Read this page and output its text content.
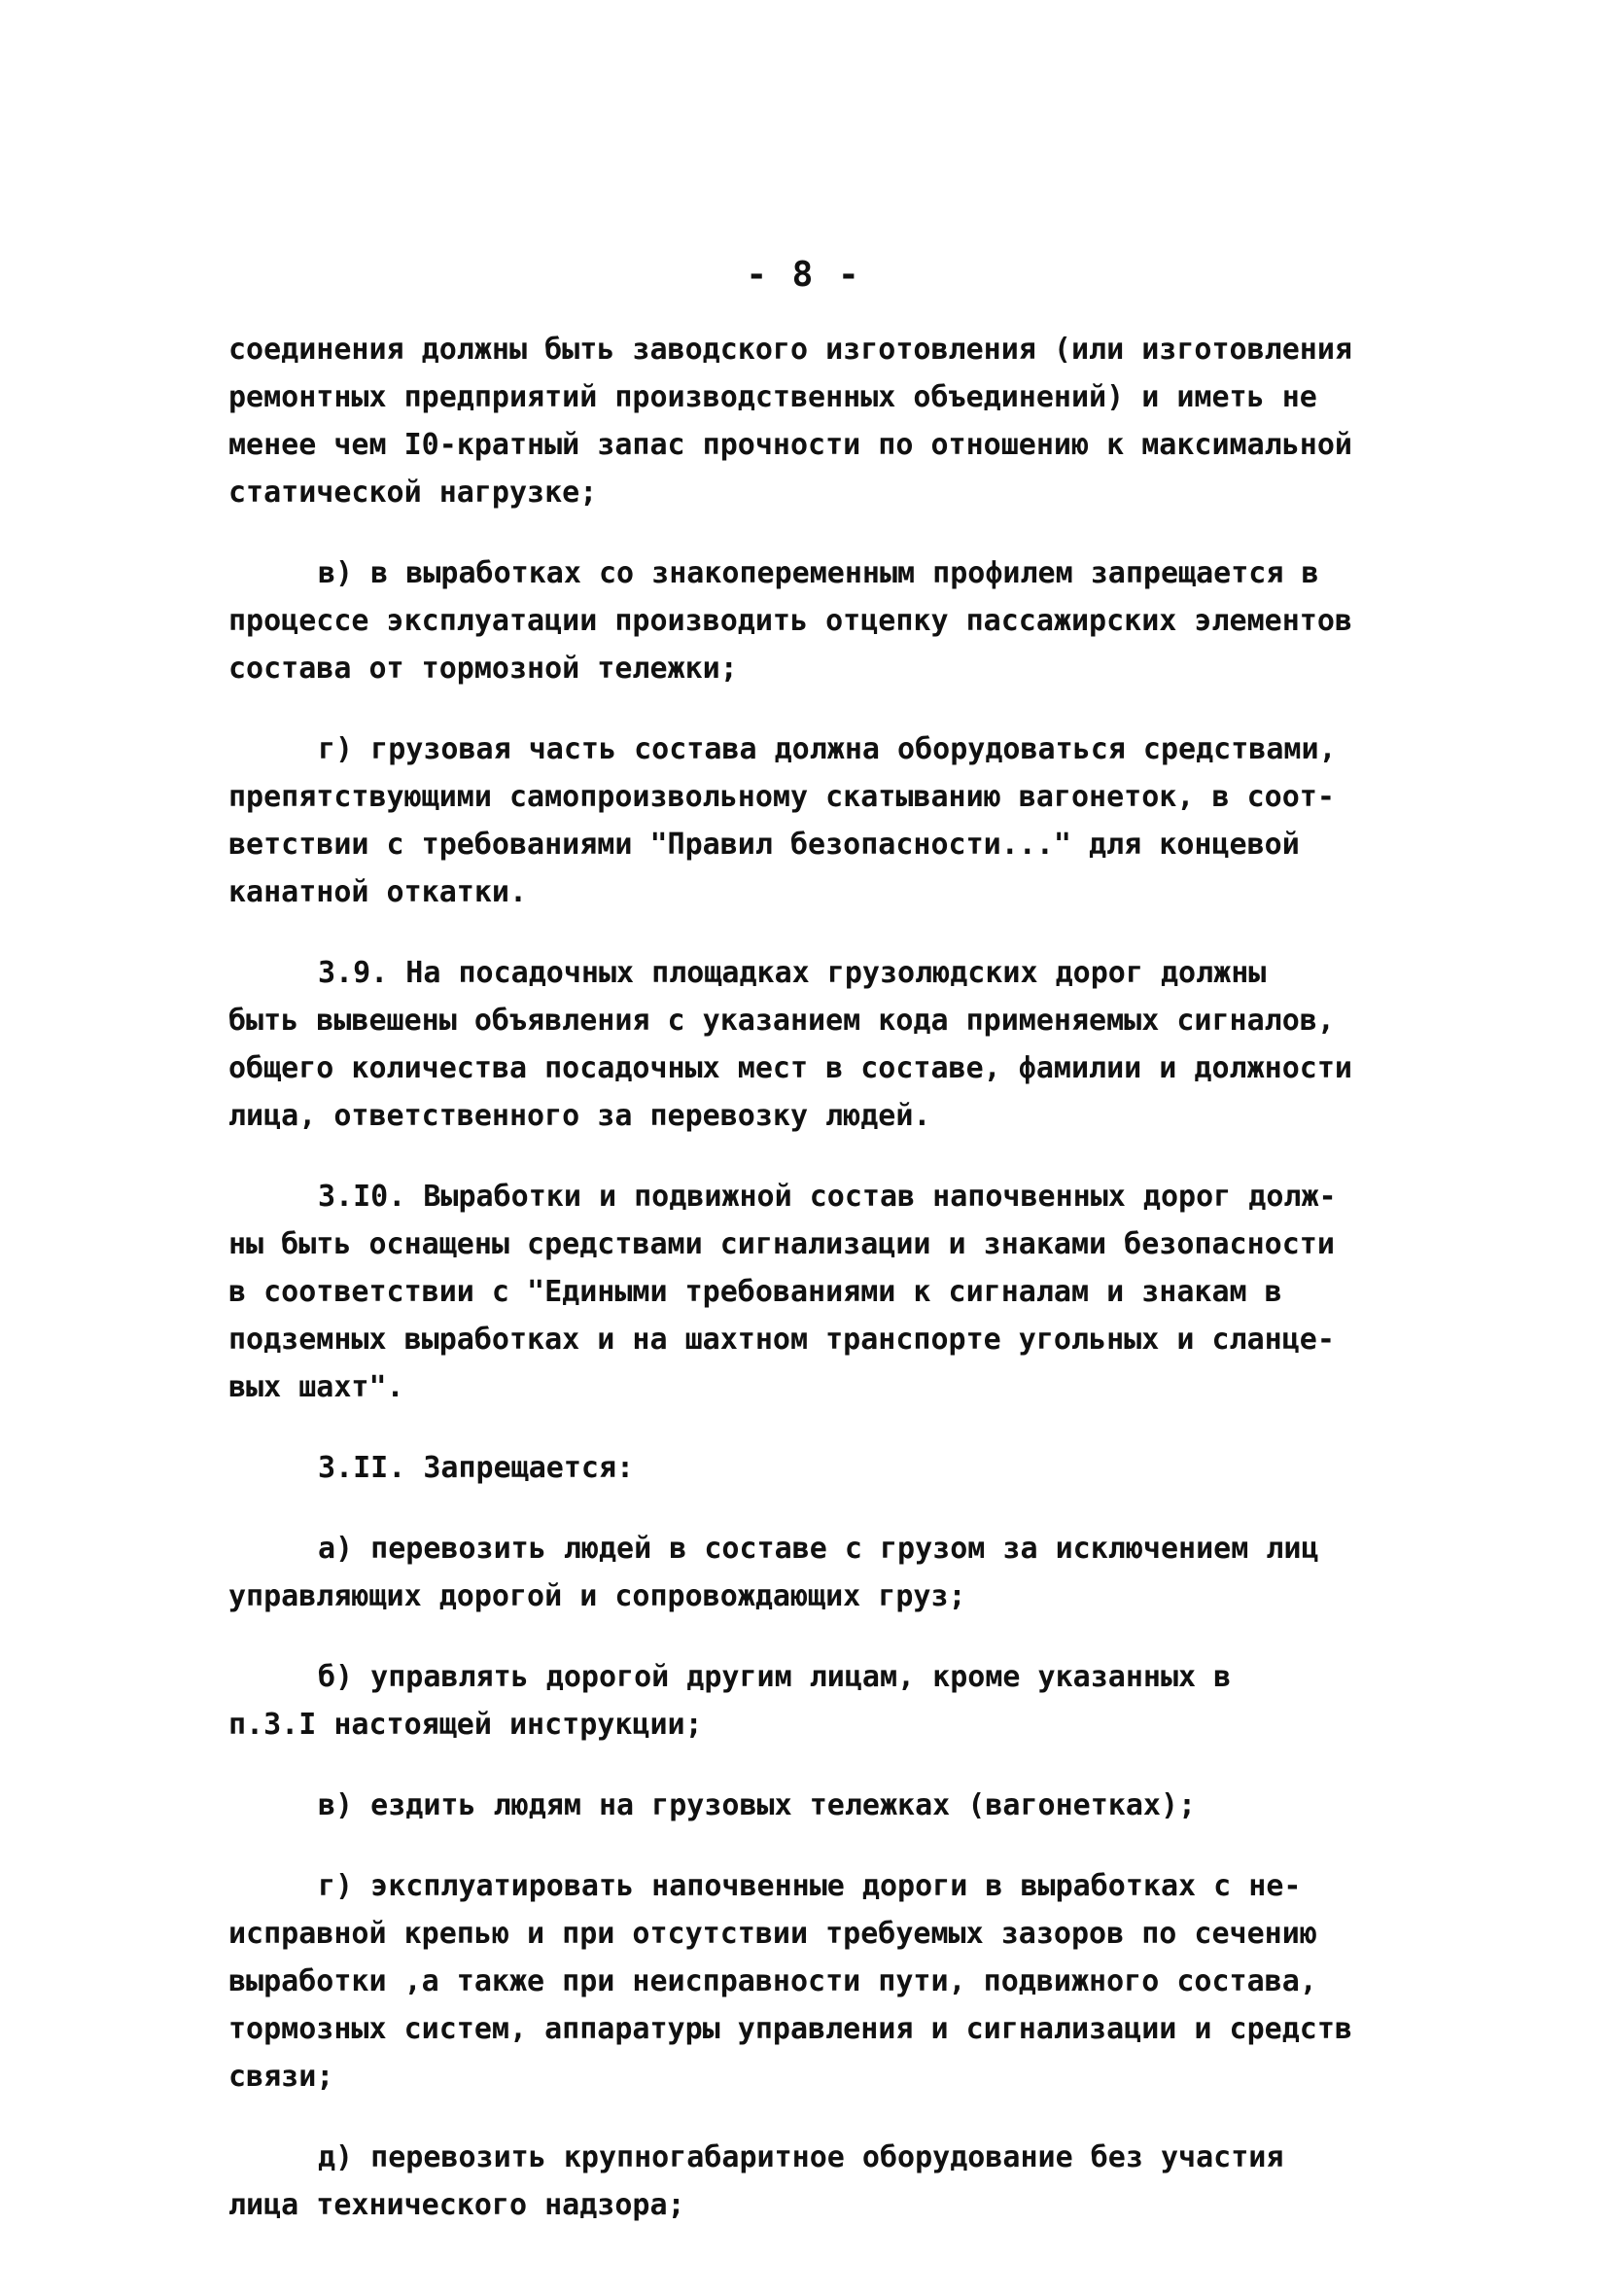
- 8 -

соединения должны быть заводского изготовления (или изготовления
ремонтных предприятий производственных объединений) и иметь не
менее чем I0-кратный запас прочности по отношению к максимальной
статической нагрузке;

в) в выработках со знакопеременным профилем запрещается в
процессе эксплуатации производить отцепку пассажирских элементов
состава от тормозной тележки;

г) грузовая часть состава должна оборудоваться средствами,
препятствующими самопроизвольному скатыванию вагонеток, в соот-
ветствии с требованиями "Правил безопасности..." для концевой
канатной откатки.

3.9. На посадочных площадках грузолюдских дорог должны
быть вывешены объявления с указанием кода применяемых сигналов,
общего количества посадочных мест в составе, фамилии и должности
лица, ответственного за перевозку людей.

3.I0. Выработки и подвижной состав напочвенных дорог долж-
ны быть оснащены средствами сигнализации и знаками безопасности
в соответствии с "Едиными требованиями к сигналам и знакам в
подземных выработках и на шахтном транспорте угольных и сланце-
вых шахт".

3.II. Запрещается:

а) перевозить людей в составе с грузом за исключением лиц
управляющих дорогой и сопровождающих груз;

б) управлять дорогой другим лицам, кроме указанных в
п.3.I настоящей инструкции;

в) ездить людям на грузовых тележках (вагонетках);

г) эксплуатировать напочвенные дороги в выработках с не-
исправной крепью и при отсутствии требуемых зазоров по сечению
выработки ,а также при неисправности пути, подвижного состава,
тормозных систем, аппаратуры управления и сигнализации и средств
связи;

д) перевозить крупногабаритное оборудование без участия
лица технического надзора;
